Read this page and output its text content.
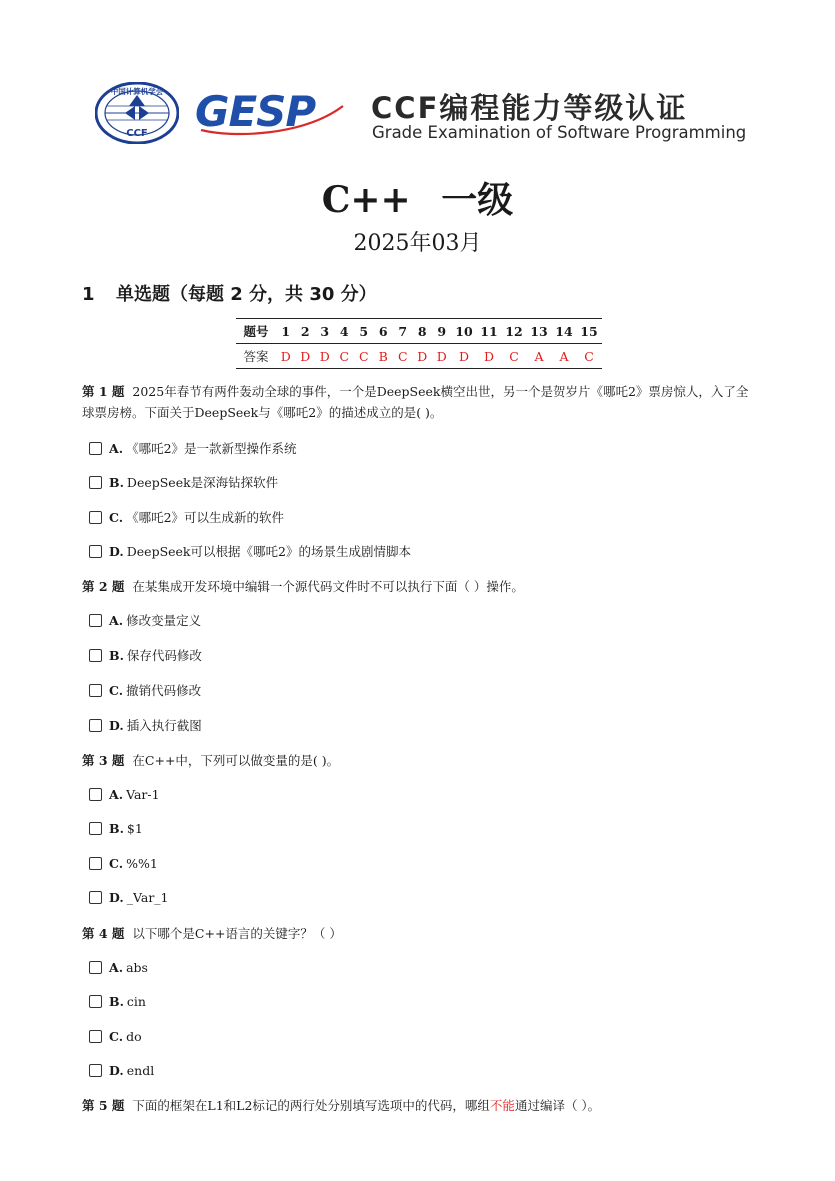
中国计算机学会
CCF GESP CCF编程能力等级认证
Grade Examination of Software Programming
C++ 一级
2025年03月
1 单选题（每题 2 分，共 30 分）
题号	1	2	3	4	5	6	7	8	9	10	11	12	13	14	15
答案	D	D	D	C	C	B	C	D	D	D	D	C	A	A	C
第 1 题 2025年春节有两件轰动全球的事件，一个是DeepSeek横空出世，另一个是贺岁片《哪吒2》票房惊人，入了全球票房榜。下面关于DeepSeek与《哪吒2》的描述成立的是( )。
A. 《哪吒2》是一款新型操作系统
B. DeepSeek是深海钻探软件
C. 《哪吒2》可以生成新的软件
D. DeepSeek可以根据《哪吒2》的场景生成剧情脚本
第 2 题 在某集成开发环境中编辑一个源代码文件时不可以执行下面（ ）操作。
A. 修改变量定义
B. 保存代码修改
C. 撤销代码修改
D. 插入执行截图
第 3 题 在C++中，下列可以做变量的是( )。
A. Var-1
B. $1
C. %%1
D. _Var_1
第 4 题 以下哪个是C++语言的关键字？（ ）
A. abs
B. cin
C. do
D. endl
第 5 题 下面的框架在L1和L2标记的两行处分别填写选项中的代码，哪组不能通过编译（ ）。
